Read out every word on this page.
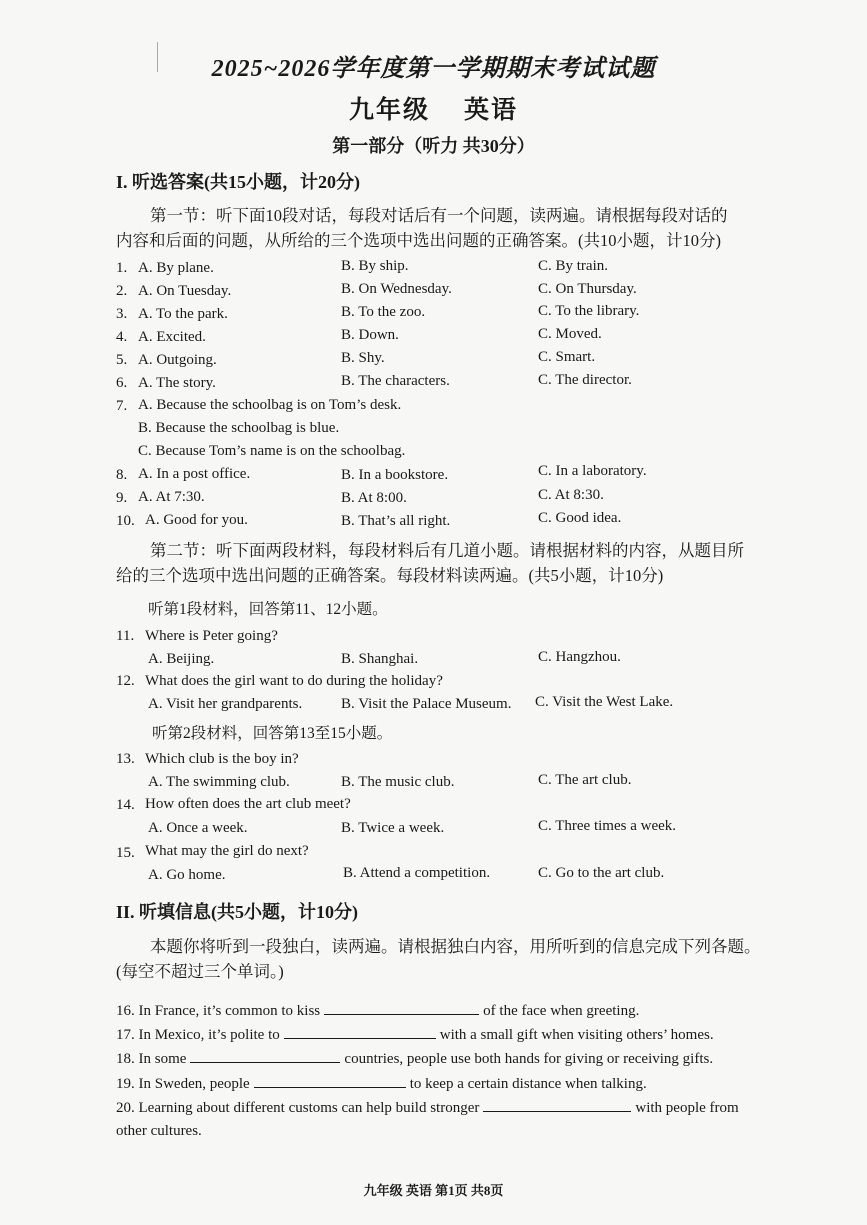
2025~2026学年度第一学期期末考试试题
九年级 英语
第一部分（听力 共30分）
I. 听选答案(共15小题，计20分)
第一节：听下面10段对话，每段对话后有一个问题，读两遍。请根据每段对话的
内容和后面的问题，从所给的三个选项中选出问题的正确答案。(共10小题，计10分)
1. A. By plane.	B. By ship.	C. By train.
2. A. On Tuesday.	B. On Wednesday.	C. On Thursday.
3. A. To the park.	B. To the zoo.	C. To the library.
4. A. Excited.	B. Down.	C. Moved.
5. A. Outgoing.	B. Shy.	C. Smart.
6. A. The story.	B. The characters.	C. The director.
7. A. Because the schoolbag is on Tom’s desk.
B. Because the schoolbag is blue.
C. Because Tom’s name is on the schoolbag.
8. A. In a post office.	B. In a bookstore.	C. In a laboratory.
9. A. At 7:30.	B. At 8:00.	C. At 8:30.
10. A. Good for you.	B. That’s all right.	C. Good idea.
第二节：听下面两段材料，每段材料后有几道小题。请根据材料的内容，从题目所
给的三个选项中选出问题的正确答案。每段材料读两遍。(共5小题，计10分)
听第1段材料，回答第11、12小题。
11. Where is Peter going?
A. Beijing.	B. Shanghai.	C. Hangzhou.
12. What does the girl want to do during the holiday?
A. Visit her grandparents.	B. Visit the Palace Museum. C. Visit the West Lake.
听第2段材料，回答第13至15小题。
13. Which club is the boy in?
A. The swimming club.	B. The music club.	C. The art club.
14. How often does the art club meet?
A. Once a week.	B. Twice a week.	C. Three times a week.
15. What may the girl do next?
A. Go home.	B. Attend a competition.	C. Go to the art club.
II. 听填信息(共5小题，计10分)
本题你将听到一段独白，读两遍。请根据独白内容，用所听到的信息完成下列各题。
(每空不超过三个单词。)
16. In France, it’s common to kiss	of the face when greeting.
17. In Mexico, it’s polite to	with a small gift when visiting others’ homes.
18. In some	countries, people use both hands for giving or receiving gifts.
19. In Sweden, people	to keep a certain distance when talking.
20. Learning about different customs can help build stronger	with people from
other cultures.
九年级 英语 第1页 共8页
